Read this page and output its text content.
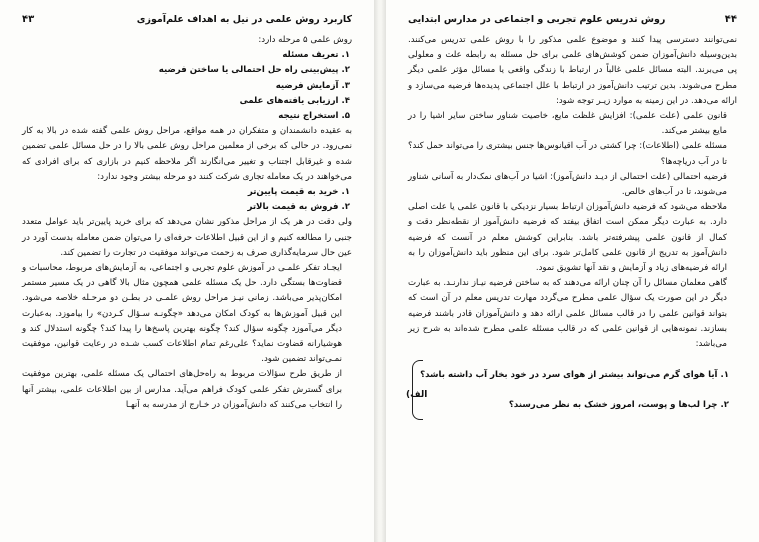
کاربرد روش علمی در نیل به اهداف علم‌آموزی
۴۳

روش علمی ۵ مرحله دارد:

۱. تعریف مسئله

۲. پیش‌بینی راه حل احتمالی یا ساختن فرضیه

۳. آزمایش فرضیه

۴. ارزیابی یافته‌های علمی

۵. استخراج نتیجه

به عقیده دانشمندان و متفکران در همه مواقع، مراحل روش علمی گفته شده در بالا به کار نمی‌رود. در حالی که برخی از معلمین مراحل روش علمی بالا را در حل مسائل علمی تضمین شده و غیرقابل اجتناب و تغییر می‌انگارند اگر ملاحظه کنیم در بازاری که برای افرادی که می‌خواهند در یک معامله تجاری شرکت کنند دو مرحله بیشتر وجود ندارد:

۱. خرید به قیمت پایین‌تر

۲. فروش به قیمت بالاتر

ولی دقت در هر یک از مراحل مذکور نشان می‌دهد که برای خرید پایین‌تر باید عوامل متعدد جنبی را مطالعه کنیم و از این قبیل اطلاعات حرفه‌ای را می‌توان ضمن معامله بدست آورد در عین حال سرمایه‌گذاری صرف به زحمت می‌تواند موفقیت در تجارت را تضمین کند.

ایجـاد تفکر علمـی در آموزش علوم تجربی و اجتماعی، به آزمایش‌های مربوط، محاسبات و قضاوت‌ها بستگی دارد. حل یک مسئله علمی همچون مثال بالا گاهی در یک مسیر مستمر امکان‌پذیر می‌باشد. زمانی نیـز مراحل روش علمـی در بطـن دو مرحـله خلاصه می‌شود. این قبیل آموزش‌ها به کودک امکان می‌دهد «چگونـه سـؤال کـردن» را بیاموزد. به‌عبارت دیگر می‌آموزد چگونه سؤال کند؟ چگونه بهترین پاسخ‌ها را پیدا کند؟ چگونه استدلال کند و هوشیارانه قضاوت نماید؟ علی‌رغم تمام اطلاعات کسب شـده در رعایت قوانین، موفقیت نمـی‌تواند تضمین شود.

از طریق طرح سؤالات مربوط به راه‌حل‌های احتمالی یک مسئله علمی، بهترین موفقیت برای گسترش تفکر علمی کودک فراهم می‌آید. مدارس از بین اطلاعات علمی، بیشتر آنها را انتخاب می‌کنند که دانش‌آموزان در خـارج از مدرسه به آنهـا

۴۴
روش تدریس علوم تجربی و اجتماعی در مدارس ابتدایی

نمی‌توانند دسترسی پیدا کنند و موضوع علمی مذکور را با روش علمی تدریس می‌کنند. بدین‌وسیله دانش‌آموزان ضمن کوشش‌های علمی برای حل مسئله به رابطه علت و معلولی پی می‌برند. البته مسائل علمی غالباً در ارتباط با زندگی واقعی یا مسائل مؤثر علمی دیگر مطرح می‌شوند. بدین ترتیب دانش‌آموز در ارتباط با علل اجتماعی پدیده‌ها فرضیه می‌سازد و ارائه می‌دهد. در این زمینه به موارد زیـر توجه شود:

قانون علمی (علت علمی): افزایش غلظت مایع، خاصیت شناور ساختن سایر اشیا را در مایع بیشتر می‌کند.

مسئله علمی (اطلاعات): چرا کشتی در آب اقیانوس‌ها جنس بیشتری را می‌تواند حمل کند؟ تا در آب دریاچه‌ها؟

فرضیه احتمالی (علت احتمالی از دیـد دانش‌آموز): اشیا در آب‌های نمک‌دار به آسانی شناور می‌شوند، تا در آب‌های خالص.

ملاحظه می‌شود که فرضیه دانش‌آموزان ارتباط بسیار نزدیکی با قانون علمی یا علت اصلی دارد. به عبارت دیگر ممکن است اتفاق بیفتد که فرضیه دانش‌آموز از نقطه‌نظر دقت و کمال از قانون علمی پیشرفته‌تر باشد. بنابراین کوشش معلم در آنست که فرضیه دانش‌آموز به تدریج از قانون علمی کامل‌تر شود. برای این منظور باید دانش‌آموزان را به ارائه فرضیه‌های زیاد و آزمایش و نقد آنها تشویق نمود.

گاهی معلمان مسائل را آن چنان ارائه می‌دهند که به ساختن فرضیه نیـاز ندارنـد. به عبارت دیگر در این صورت یک سؤال علمی مطرح می‌گردد مهارت تدریس معلم در آن است که بتواند قوانین علمی را در قالب مسائل علمی ارائه دهد و دانش‌آموزان قادر باشند فرضیه بسازند. نمونه‌هایی از قوانین علمی که در قالب مسئله علمی مطرح شده‌اند به شرح زیر می‌باشد:

الف)
۱. آیا هوای گرم می‌تواند بیشتر از هوای سرد در خود بخار آب داشته باشد؟
۲. چرا لب‌ها و پوست، امروز خشک به نظر می‌رسند؟
